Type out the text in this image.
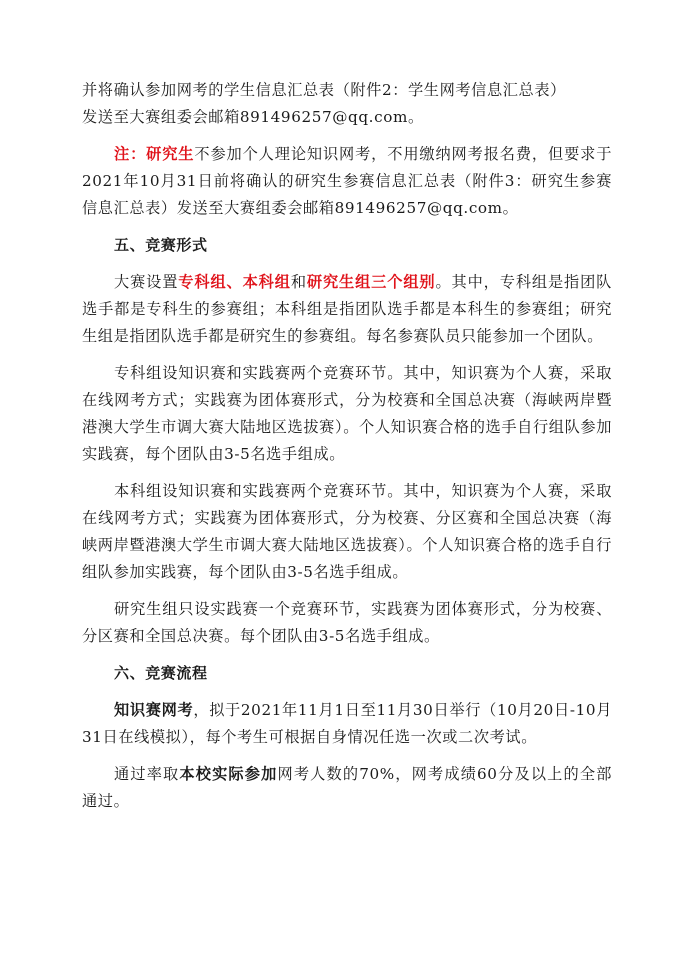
并将确认参加网考的学生信息汇总表（附件2：学生网考信息汇总表）
发送至大赛组委会邮箱891496257@qq.com。

注：研究生不参加个人理论知识网考，不用缴纳网考报名费，但要求于2021年10月31日前将确认的研究生参赛信息汇总表（附件3：研究生参赛信息汇总表）发送至大赛组委会邮箱891496257@qq.com。

五、竞赛形式

大赛设置专科组、本科组和研究生组三个组别。其中，专科组是指团队选手都是专科生的参赛组；本科组是指团队选手都是本科生的参赛组；研究生组是指团队选手都是研究生的参赛组。每名参赛队员只能参加一个团队。

专科组设知识赛和实践赛两个竞赛环节。其中，知识赛为个人赛，采取在线网考方式；实践赛为团体赛形式，分为校赛和全国总决赛（海峡两岸暨港澳大学生市调大赛大陆地区选拔赛）。个人知识赛合格的选手自行组队参加实践赛，每个团队由3-5名选手组成。

本科组设知识赛和实践赛两个竞赛环节。其中，知识赛为个人赛，采取在线网考方式；实践赛为团体赛形式，分为校赛、分区赛和全国总决赛（海峡两岸暨港澳大学生市调大赛大陆地区选拔赛）。个人知识赛合格的选手自行组队参加实践赛，每个团队由3-5名选手组成。

研究生组只设实践赛一个竞赛环节，实践赛为团体赛形式，分为校赛、分区赛和全国总决赛。每个团队由3-5名选手组成。

六、竞赛流程

知识赛网考，拟于2021年11月1日至11月30日举行（10月20日-10月31日在线模拟），每个考生可根据自身情况任选一次或二次考试。

通过率取本校实际参加网考人数的70%，网考成绩60分及以上的全部通过。
